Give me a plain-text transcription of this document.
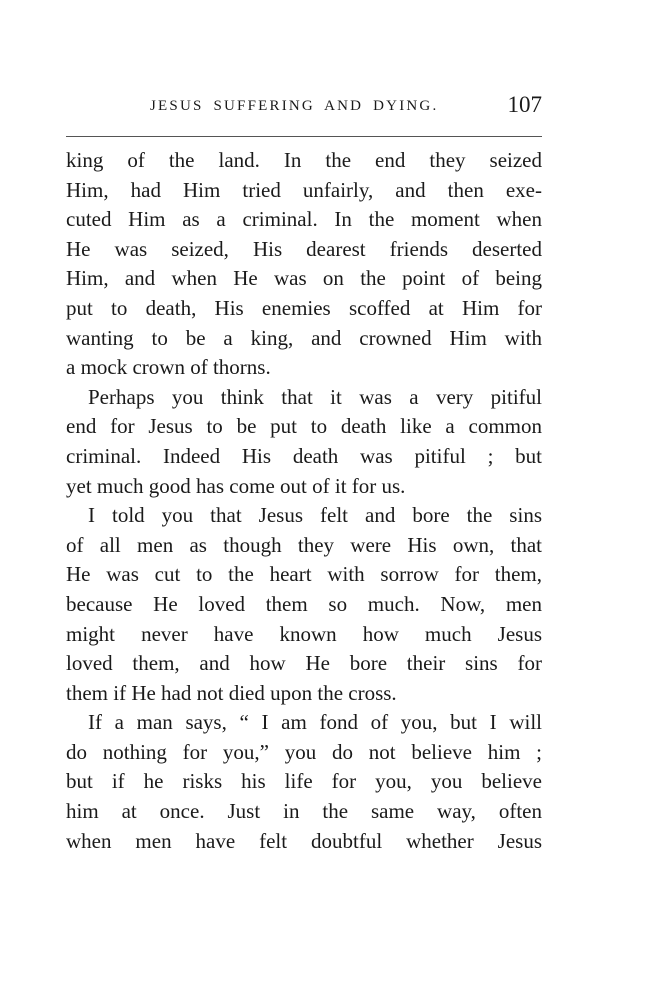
JESUS SUFFERING AND DYING.	107
king of the land. In the end they seized
Him, had Him tried unfairly, and then exe-
cuted Him as a criminal. In the moment when
He was seized, His dearest friends deserted
Him, and when He was on the point of being
put to death, His enemies scoffed at Him for
wanting to be a king, and crowned Him with
a mock crown of thorns.
Perhaps you think that it was a very pitiful
end for Jesus to be put to death like a common
criminal. Indeed His death was pitiful ; but
yet much good has come out of it for us.
I told you that Jesus felt and bore the sins
of all men as though they were His own, that
He was cut to the heart with sorrow for them,
because He loved them so much. Now, men
might never have known how much Jesus
loved them, and how He bore their sins for
them if He had not died upon the cross.
If a man says, “ I am fond of you, but I will
do nothing for you,” you do not believe him ;
but if he risks his life for you, you believe
him at once. Just in the same way, often
when men have felt doubtful whether Jesus
